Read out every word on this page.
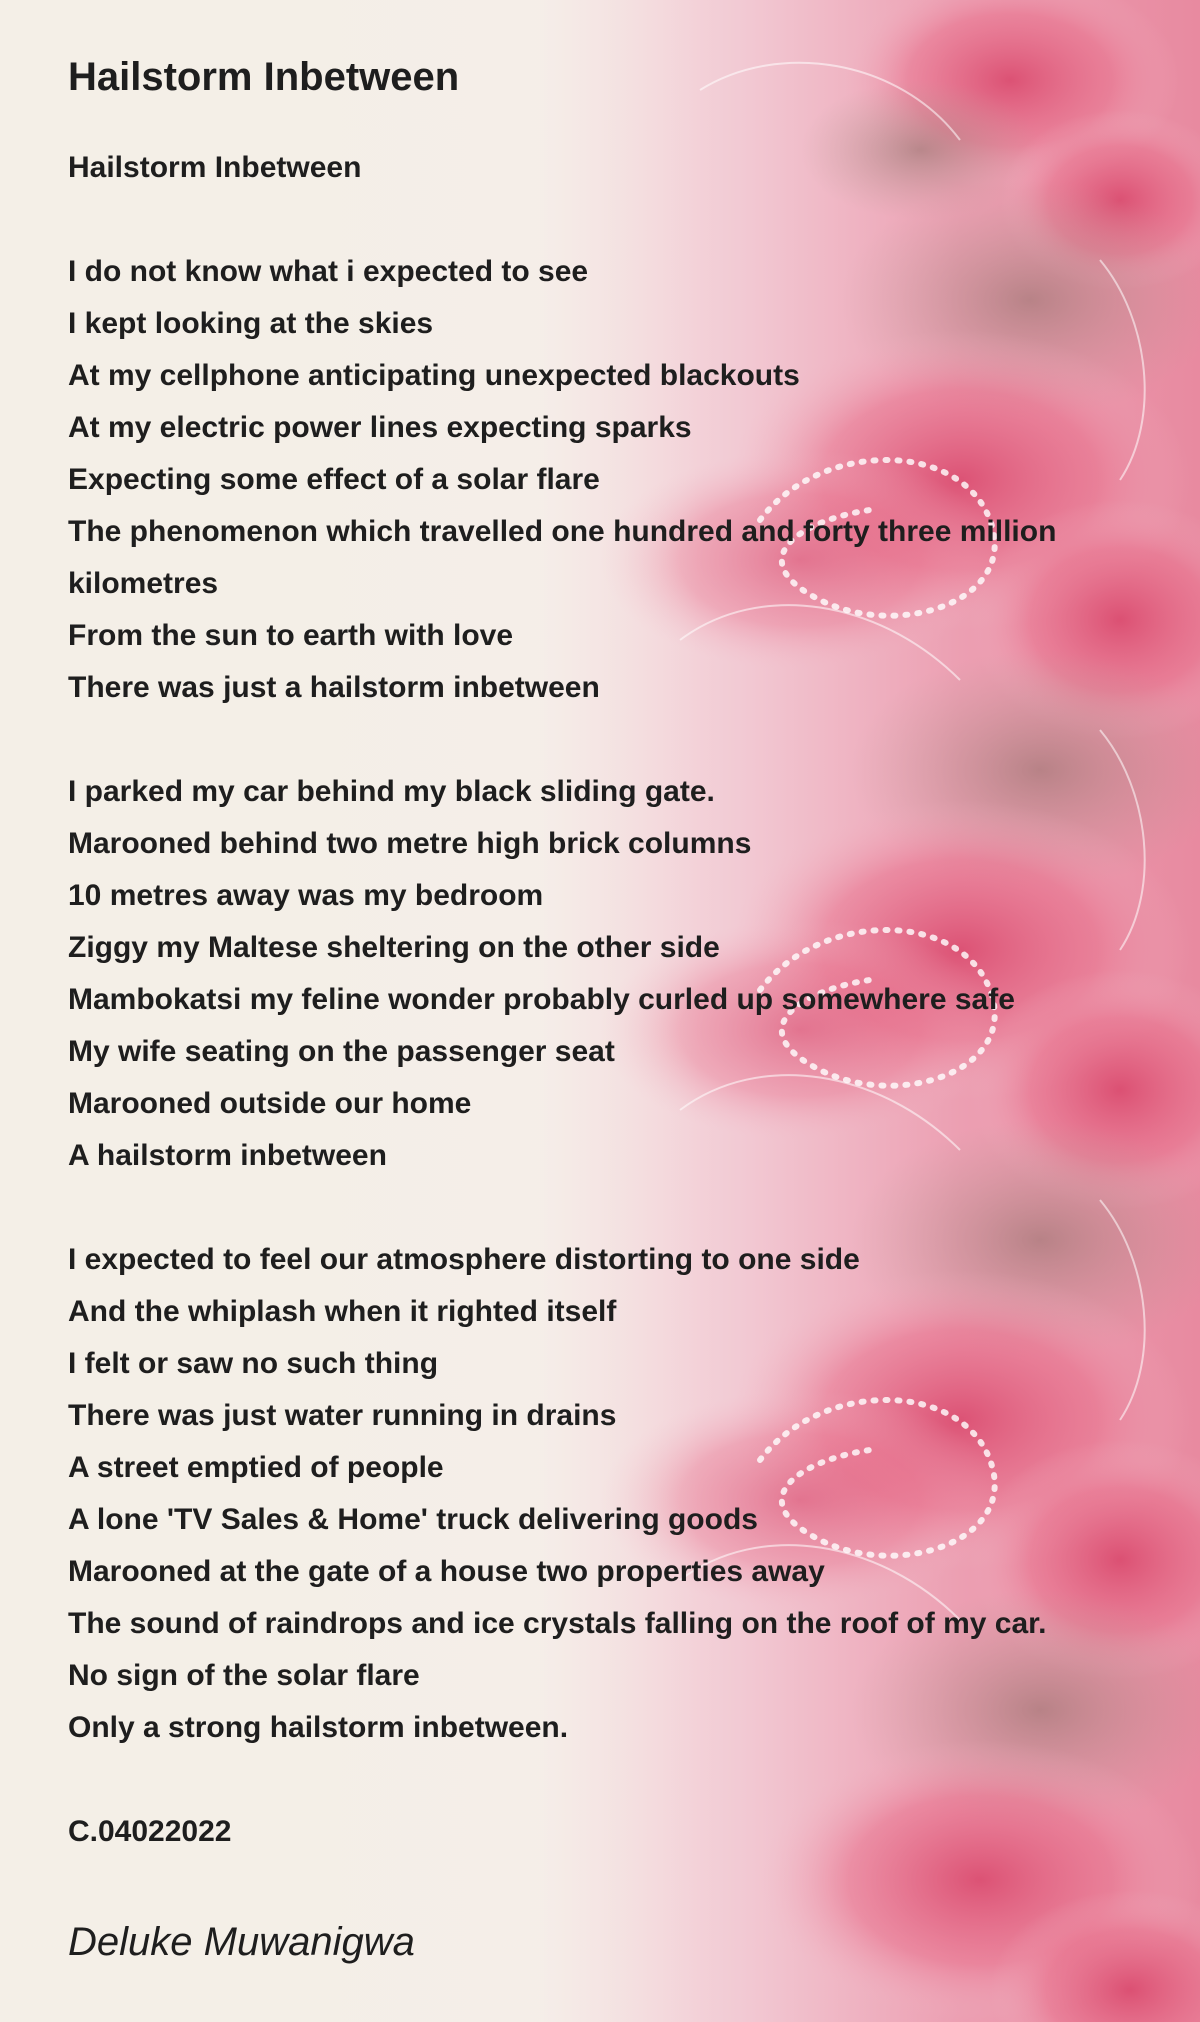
Hailstorm Inbetween
Hailstorm Inbetween
I do not know what i expected to see
I kept looking at the skies
At my cellphone anticipating unexpected blackouts
At my electric power lines expecting sparks
Expecting some effect of a solar flare
The phenomenon which travelled one hundred and forty three million kilometres
From the sun to earth with love
There was just a hailstorm inbetween
I parked my car behind my black sliding gate.
Marooned behind two metre high brick columns
10 metres away was my bedroom
Ziggy my Maltese sheltering on the other side
Mambokatsi my feline wonder probably curled up somewhere safe
My wife seating on the passenger seat
Marooned outside our home
A hailstorm inbetween
I expected to feel our atmosphere distorting to one side
And the whiplash when it righted itself
I felt or saw no such thing
There was just water running in drains
A street emptied of people
A lone 'TV Sales & Home' truck delivering goods
Marooned at the gate of a house two properties away
The sound of raindrops and ice crystals falling on the roof of my car.
No sign of the solar flare
Only a strong hailstorm inbetween.
C.04022022
Deluke Muwanigwa
